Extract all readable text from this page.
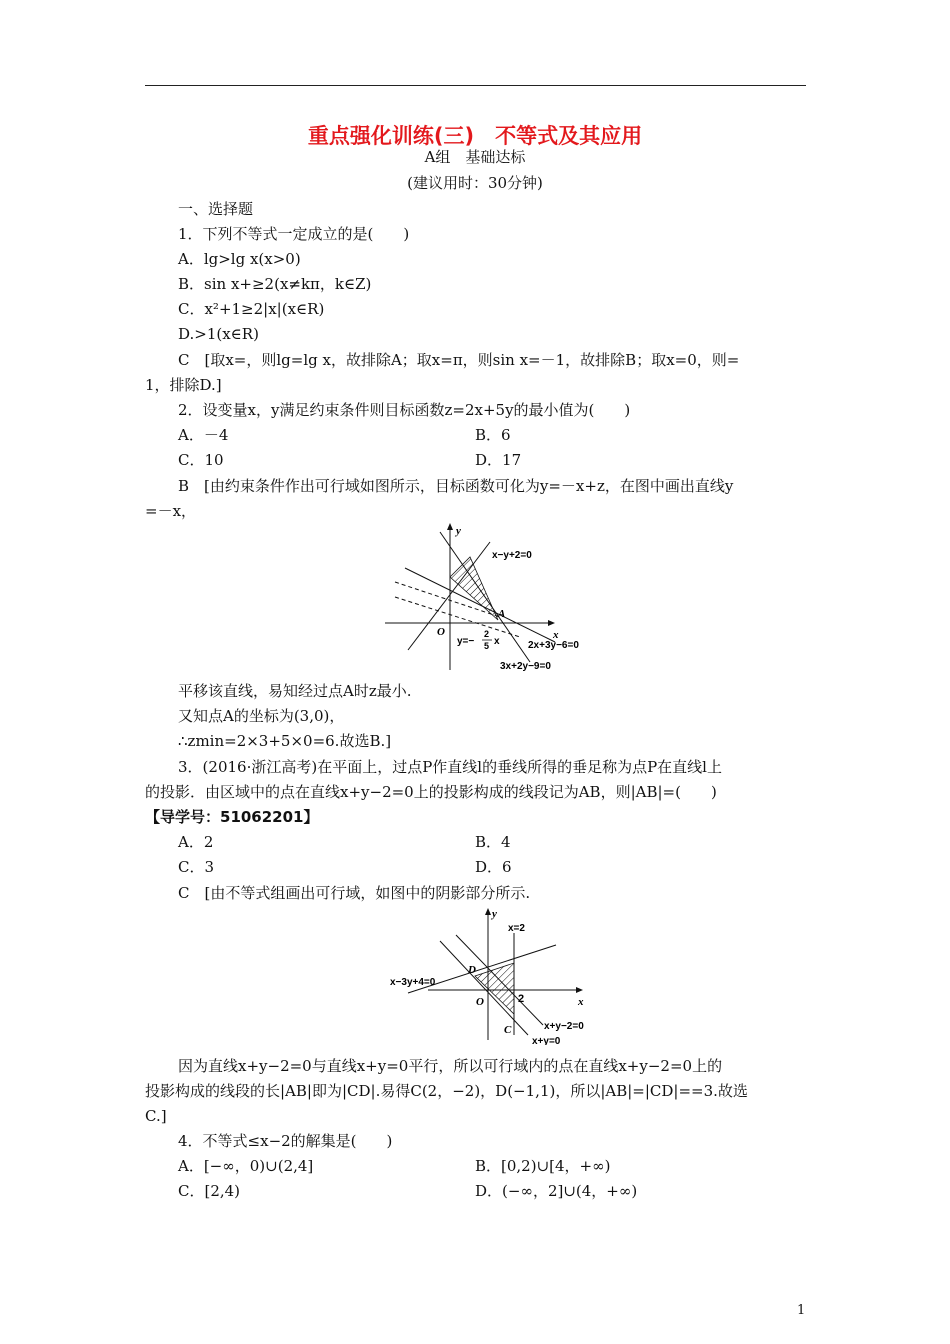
重点强化训练(三)　不等式及其应用
A组　基础达标
(建议用时：30分钟)
一、选择题
1．下列不等式一定成立的是(　　)
A．lg>lg x(x>0)
B．sin x+≥2(x≠kπ，k∈Z)
C．x²+1≥2|x|(x∈R)
D.>1(x∈R)
C　[取x=，则lg=lg x，故排除A；取x=π，则sin x=－1，故排除B；取x=0，则=
1，排除D.]
2．设变量x，y满足约束条件则目标函数z=2x+5y的最小值为(　　)
A．－4	B．6
C．10	D．17
B　[由约束条件作出可行域如图所示，目标函数可化为y=－x+z，在图中画出直线y
=－x，
y
x
O
A
x−y+2=0
2x+3y−6=0
3x+2y−9=0
y=−
2
5 x
平移该直线，易知经过点A时z最小.
又知点A的坐标为(3,0)，
∴zmin=2×3+5×0=6.故选B.]
3．(2016·浙江高考)在平面上，过点P作直线l的垂线所得的垂足称为点P在直线l上
的投影．由区域中的点在直线x+y−2=0上的投影构成的线段记为AB，则|AB|=(　　)
【导学号：51062201】
A．2	B．4
C．3	D．6
C　[由不等式组画出可行域，如图中的阴影部分所示.
y
x
O
D
C
2
x=2
x−3y+4=0
x+y−2=0
x+y=0
因为直线x+y−2=0与直线x+y=0平行，所以可行域内的点在直线x+y−2=0上的
投影构成的线段的长|AB|即为|CD|.易得C(2，−2)，D(−1,1)，所以|AB|=|CD|==3.故选
C.]
4．不等式≤x−2的解集是(　　)
A．[−∞，0)∪(2,4]	B．[0,2)∪[4，+∞)
C．[2,4)	D．(−∞，2]∪(4，+∞)
1
